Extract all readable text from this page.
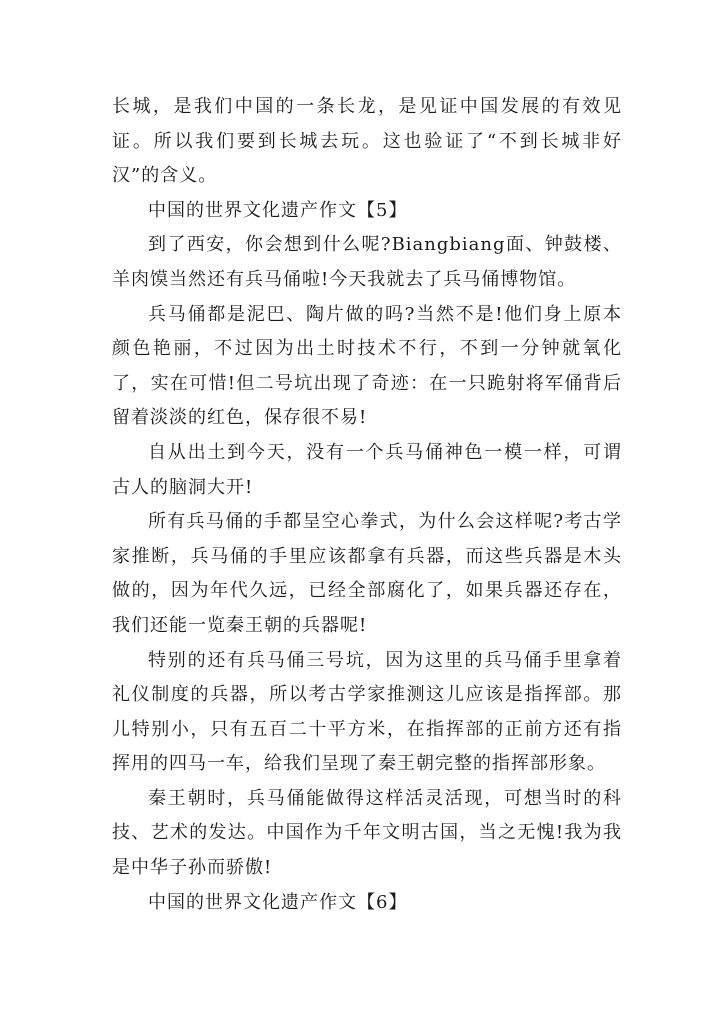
长城，是我们中国的一条长龙，是见证中国发展的有效见证。所以我们要到长城去玩。这也验证了“不到长城非好汉”的含义。

中国的世界文化遗产作文【5】

到了西安，你会想到什么呢?Biangbiang面、钟鼓楼、羊肉馍当然还有兵马俑啦!今天我就去了兵马俑博物馆。

兵马俑都是泥巴、陶片做的吗?当然不是!他们身上原本颜色艳丽，不过因为出土时技术不行，不到一分钟就氧化了，实在可惜!但二号坑出现了奇迹：在一只跪射将军俑背后留着淡淡的红色，保存很不易!

自从出土到今天，没有一个兵马俑神色一模一样，可谓古人的脑洞大开!

所有兵马俑的手都呈空心拳式，为什么会这样呢?考古学家推断，兵马俑的手里应该都拿有兵器，而这些兵器是木头做的，因为年代久远，已经全部腐化了，如果兵器还存在，我们还能一览秦王朝的兵器呢!

特别的还有兵马俑三号坑，因为这里的兵马俑手里拿着礼仪制度的兵器，所以考古学家推测这儿应该是指挥部。那儿特别小，只有五百二十平方米，在指挥部的正前方还有指挥用的四马一车，给我们呈现了秦王朝完整的指挥部形象。

秦王朝时，兵马俑能做得这样活灵活现，可想当时的科技、艺术的发达。中国作为千年文明古国，当之无愧!我为我是中华子孙而骄傲!

中国的世界文化遗产作文【6】
